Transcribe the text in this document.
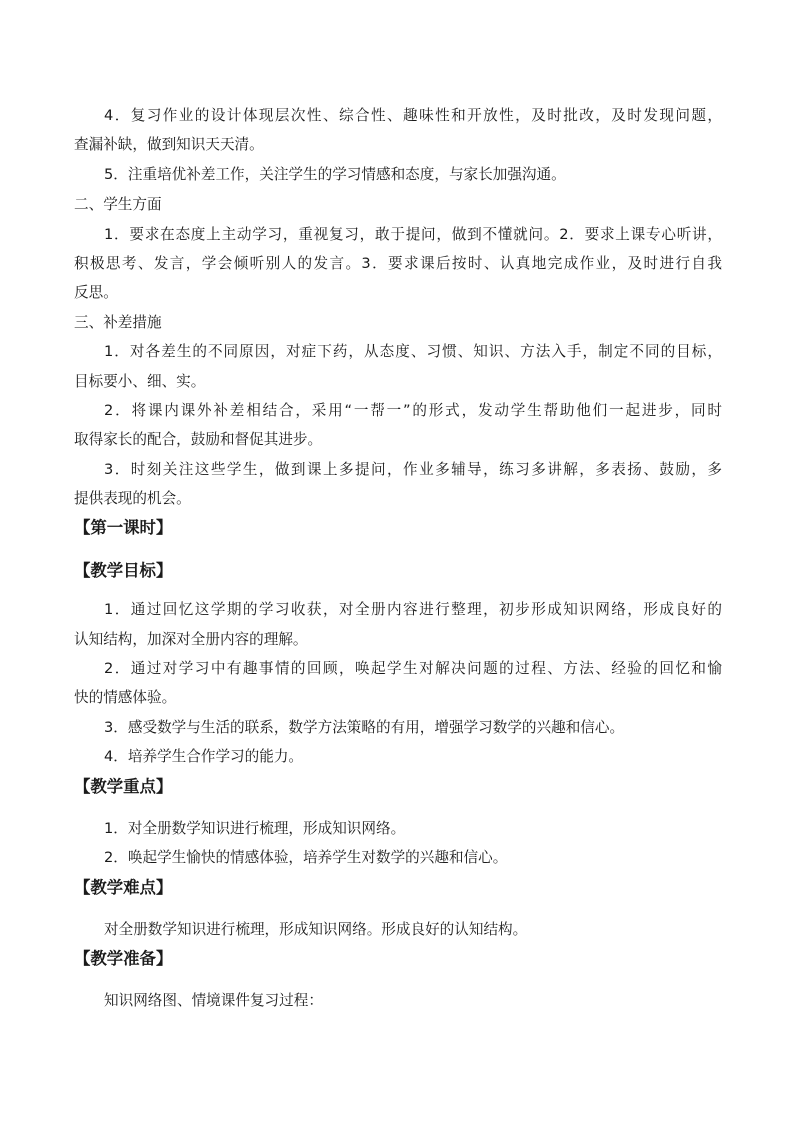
4．复习作业的设计体现层次性、综合性、趣味性和开放性，及时批改，及时发现问题，
查漏补缺，做到知识天天清。
5．注重培优补差工作，关注学生的学习情感和态度，与家长加强沟通。
二、学生方面
1．要求在态度上主动学习，重视复习，敢于提问，做到不懂就问。2．要求上课专心听讲，
积极思考、发言，学会倾听别人的发言。3．要求课后按时、认真地完成作业，及时进行自我
反思。
三、补差措施
1．对各差生的不同原因，对症下药，从态度、习惯、知识、方法入手，制定不同的目标，
目标要小、细、实。
2．将课内课外补差相结合，采用“一帮一”的形式，发动学生帮助他们一起进步，同时
取得家长的配合，鼓励和督促其进步。
3．时刻关注这些学生，做到课上多提问，作业多辅导，练习多讲解，多表扬、鼓励，多
提供表现的机会。
【第一课时】
【教学目标】
1．通过回忆这学期的学习收获，对全册内容进行整理，初步形成知识网络，形成良好的
认知结构，加深对全册内容的理解。
2．通过对学习中有趣事情的回顾，唤起学生对解决问题的过程、方法、经验的回忆和愉
快的情感体验。
3．感受数学与生活的联系，数学方法策略的有用，增强学习数学的兴趣和信心。
4．培养学生合作学习的能力。
【教学重点】
1．对全册数学知识进行梳理，形成知识网络。
2．唤起学生愉快的情感体验，培养学生对数学的兴趣和信心。
【教学难点】
对全册数学知识进行梳理，形成知识网络。形成良好的认知结构。
【教学准备】
知识网络图、情境课件复习过程：
